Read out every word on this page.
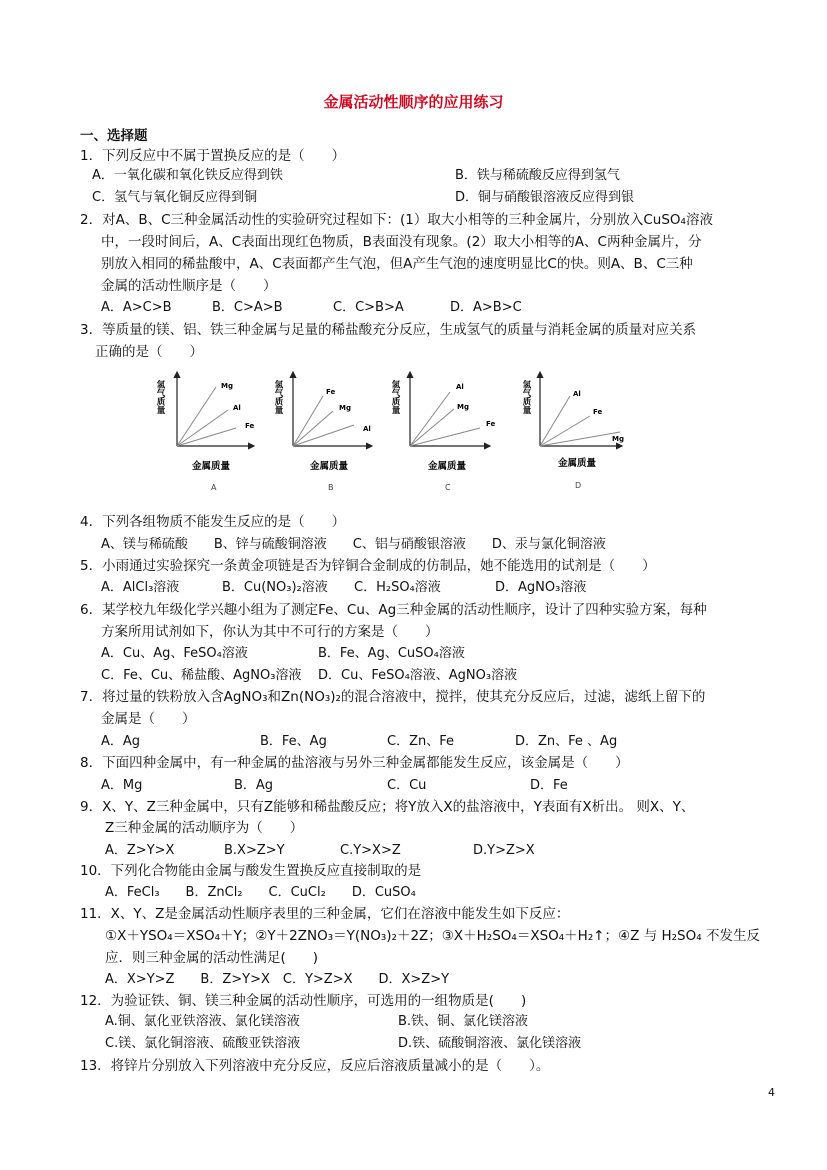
金属活动性顺序的应用练习
一、选择题
1．下列反应中不属于置换反应的是（　　）
A．一氧化碳和氧化铁反应得到铁	B．铁与稀硫酸反应得到氢气
C．氢气与氧化铜反应得到铜	D．铜与硝酸银溶液反应得到银
2．对A、B、C三种金属活动性的实验研究过程如下：(1）取大小相等的三种金属片，分别放入CuSO₄溶液
中，一段时间后，A、C表面出现红色物质，B表面没有现象。(2）取大小相等的A、C两种金属片，分
别放入相同的稀盐酸中，A、C表面都产生气泡，但A产生气泡的速度明显比C的快。则A、B、C三种
金属的活动性顺序是（　　）
A．A>C>B	B．C>A>B	C．C>B>A	D．A>B>C
3．等质量的镁、铝、铁三种金属与足量的稀盐酸充分反应，生成氢气的质量与消耗金属的质量对应关系
正确的是（　　）
氢气质量	Mg
Al
Fe
金属质量
A
氢气质量	Fe
Mg
Al
金属质量
B
氢气质量	Al
Mg
Fe
金属质量
C
氢气质量	Al
Fe
Mg
金属质量
D
4．下列各组物质不能发生反应的是（　　）
A、镁与稀硫酸　　B、锌与硫酸铜溶液　　C、铝与硝酸银溶液　　D、汞与氯化铜溶液
5．小雨通过实验探究一条黄金项链是否为锌铜合金制成的仿制品，她不能选用的试剂是（　　）
A．AlCl₃溶液	B．Cu(NO₃)₂溶液 C．H₂SO₄溶液	D．AgNO₃溶液
6．某学校九年级化学兴趣小组为了测定Fe、Cu、Ag三种金属的活动性顺序，设计了四种实验方案，每种
方案所用试剂如下，你认为其中不可行的方案是（　　）
A．Cu、Ag、FeSO₄溶液	B．Fe、Ag、CuSO₄溶液
C．Fe、Cu、稀盐酸、AgNO₃溶液 D．Cu、FeSO₄溶液、AgNO₃溶液
7．将过量的铁粉放入含AgNO₃和Zn(NO₃)₂的混合溶液中，搅拌，使其充分反应后，过滤，滤纸上留下的
金属是（　　）
A．Ag	B．Fe、Ag	C．Zn、Fe	D．Zn、Fe 、Ag
8．下面四种金属中，有一种金属的盐溶液与另外三种金属都能发生反应，该金属是（　　）
A．Mg	B．Ag	C．Cu	D．Fe
9．X、Y、Z三种金属中，只有Z能够和稀盐酸反应；将Y放入X的盐溶液中，Y表面有X析出。 则X、Y、
Z三种金属的活动顺序为（　　）
A．Z>Y>X	B.X>Z>Y	C.Y>X>Z	D.Y>Z>X
10．下列化合物能由金属与酸发生置换反应直接制取的是
A．FeCl₃　　B．ZnCl₂　　C．CuCl₂　　D．CuSO₄
11．X、Y、Z是金属活动性顺序表里的三种金属，它们在溶液中能发生如下反应：
①X＋YSO₄＝XSO₄＋Y；②Y＋2ZNO₃＝Y(NO₃)₂＋2Z；③X＋H₂SO₄＝XSO₄＋H₂↑；④Z 与 H₂SO₄ 不发生反
应．则三种金属的活动性满足(　　)
A．X>Y>Z　　B．Z>Y>X　C．Y>Z>X　　D．X>Z>Y
12．为验证铁、铜、镁三种金属的活动性顺序，可选用的一组物质是(　　)
A.铜、氯化亚铁溶液、氯化镁溶液	B.铁、铜、氯化镁溶液
C.镁、氯化铜溶液、硫酸亚铁溶液	D.铁、硫酸铜溶液、氯化镁溶液
13．将锌片分别放入下列溶液中充分反应，反应后溶液质量减小的是（　　）。
4
